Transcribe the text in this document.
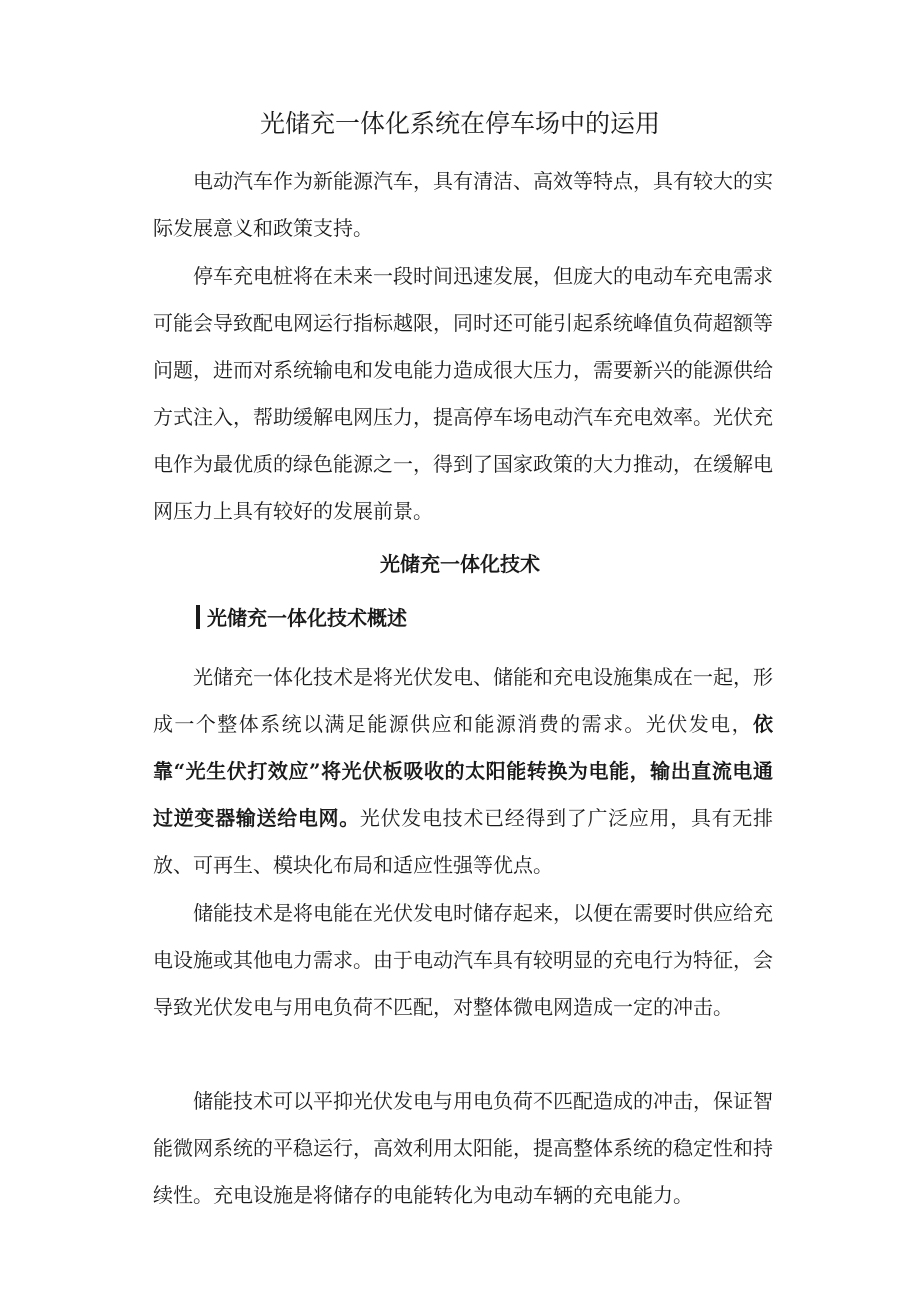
光储充一体化系统在停车场中的运用

电动汽车作为新能源汽车，具有清洁、高效等特点，具有较大的实际发展意义和政策支持。

停车充电桩将在未来一段时间迅速发展，但庞大的电动车充电需求可能会导致配电网运行指标越限，同时还可能引起系统峰值负荷超额等问题，进而对系统输电和发电能力造成很大压力，需要新兴的能源供给方式注入，帮助缓解电网压力，提高停车场电动汽车充电效率。光伏充电作为最优质的绿色能源之一，得到了国家政策的大力推动，在缓解电网压力上具有较好的发展前景。

光储充一体化技术
光储充一体化技术概述

光储充一体化技术是将光伏发电、储能和充电设施集成在一起，形成一个整体系统以满足能源供应和能源消费的需求。光伏发电，依靠“光生伏打效应”将光伏板吸收的太阳能转换为电能，输出直流电通过逆变器输送给电网。光伏发电技术已经得到了广泛应用，具有无排放、可再生、模块化布局和适应性强等优点。

储能技术是将电能在光伏发电时储存起来，以便在需要时供应给充电设施或其他电力需求。由于电动汽车具有较明显的充电行为特征，会导致光伏发电与用电负荷不匹配，对整体微电网造成一定的冲击。

储能技术可以平抑光伏发电与用电负荷不匹配造成的冲击，保证智能微网系统的平稳运行，高效利用太阳能，提高整体系统的稳定性和持续性。充电设施是将储存的电能转化为电动车辆的充电能力。
